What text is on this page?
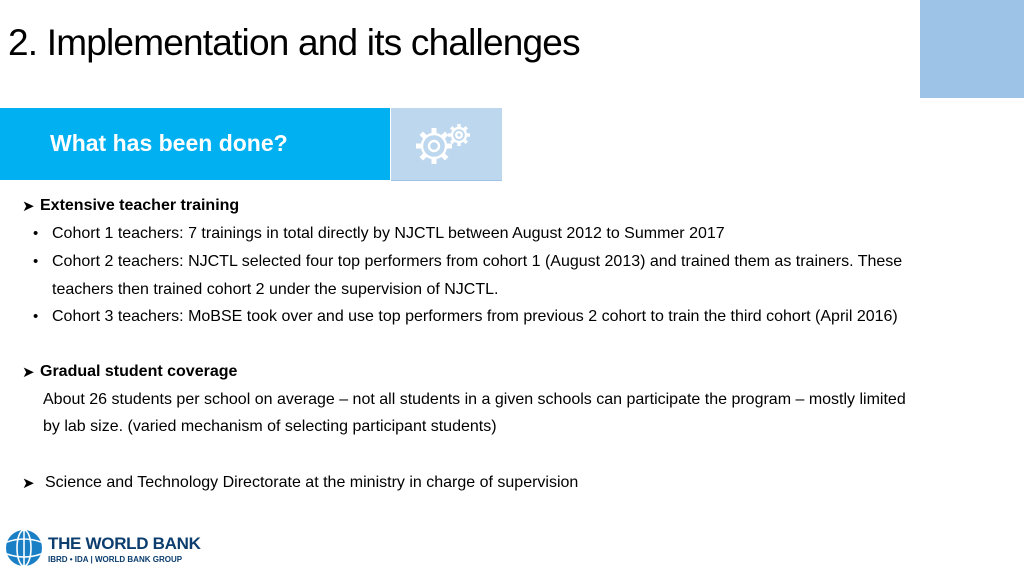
2. Implementation and its challenges
What has been done?
➤ Extensive teacher training
• Cohort 1 teachers: 7 trainings in total directly by NJCTL between August 2012 to Summer 2017
• Cohort 2 teachers: NJCTL selected four top performers from cohort 1 (August 2013) and trained them as trainers. These
teachers then trained cohort 2 under the supervision of NJCTL.
• Cohort 3 teachers: MoBSE took over and use top performers from previous 2 cohort to train the third cohort (April 2016)
➤ Gradual student coverage
About 26 students per school on average – not all students in a given schools can participate the program – mostly limited
by lab size. (varied mechanism of selecting participant students)
➤ Science and Technology Directorate at the ministry in charge of supervision
THE WORLD BANK
IBRD • IDA | WORLD BANK GROUP
